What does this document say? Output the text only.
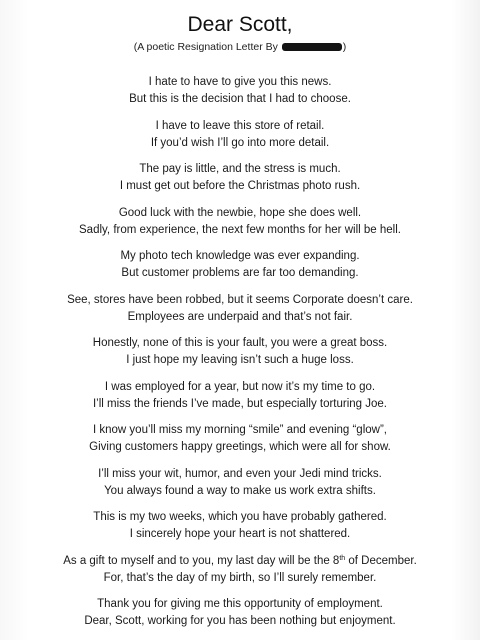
Dear Scott,
(A poetic Resignation Letter By	)
I hate to have to give you this news.
But this is the decision that I had to choose.
I have to leave this store of retail.
If you’d wish I’ll go into more detail.
The pay is little, and the stress is much.
I must get out before the Christmas photo rush.
Good luck with the newbie, hope she does well.
Sadly, from experience, the next few months for her will be hell.
My photo tech knowledge was ever expanding.
But customer problems are far too demanding.
See, stores have been robbed, but it seems Corporate doesn’t care.
Employees are underpaid and that’s not fair.
Honestly, none of this is your fault, you were a great boss.
I just hope my leaving isn’t such a huge loss.
I was employed for a year, but now it’s my time to go.
I’ll miss the friends I’ve made, but especially torturing Joe.
I know you’ll miss my morning “smile” and evening “glow”,
Giving customers happy greetings, which were all for show.
I’ll miss your wit, humor, and even your Jedi mind tricks.
You always found a way to make us work extra shifts.
This is my two weeks, which you have probably gathered.
I sincerely hope your heart is not shattered.
As a gift to myself and to you, my last day will be the 8th of December.
For, that’s the day of my birth, so I’ll surely remember.
Thank you for giving me this opportunity of employment.
Dear, Scott, working for you has been nothing but enjoyment.
